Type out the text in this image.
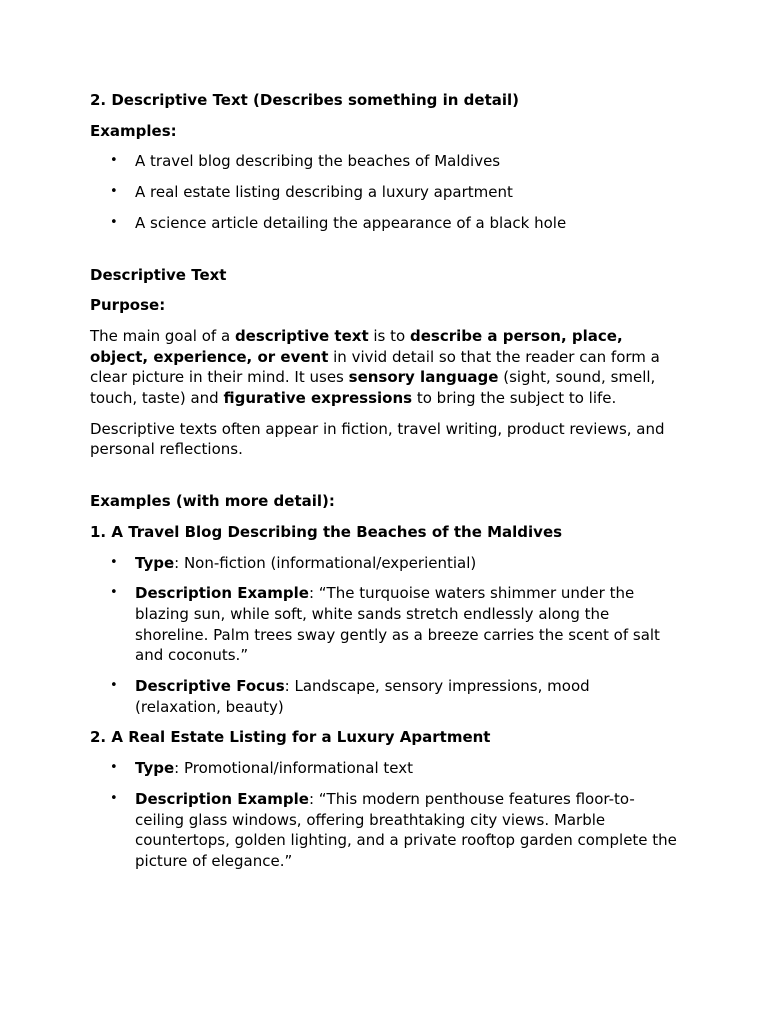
2. Descriptive Text (Describes something in detail)

Examples:

• A travel blog describing the beaches of Maldives
• A real estate listing describing a luxury apartment
• A science article detailing the appearance of a black hole

Descriptive Text

Purpose:

The main goal of a descriptive text is to describe a person, place, object, experience, or event in vivid detail so that the reader can form a clear picture in their mind. It uses sensory language (sight, sound, smell, touch, taste) and figurative expressions to bring the subject to life.

Descriptive texts often appear in fiction, travel writing, product reviews, and personal reflections.

Examples (with more detail):

1. A Travel Blog Describing the Beaches of the Maldives

• Type: Non-fiction (informational/experiential)
• Description Example: “The turquoise waters shimmer under the blazing sun, while soft, white sands stretch endlessly along the shoreline. Palm trees sway gently as a breeze carries the scent of salt and coconuts.”
• Descriptive Focus: Landscape, sensory impressions, mood (relaxation, beauty)

2. A Real Estate Listing for a Luxury Apartment

• Type: Promotional/informational text
• Description Example: “This modern penthouse features floor-to-ceiling glass windows, offering breathtaking city views. Marble countertops, golden lighting, and a private rooftop garden complete the picture of elegance.”
